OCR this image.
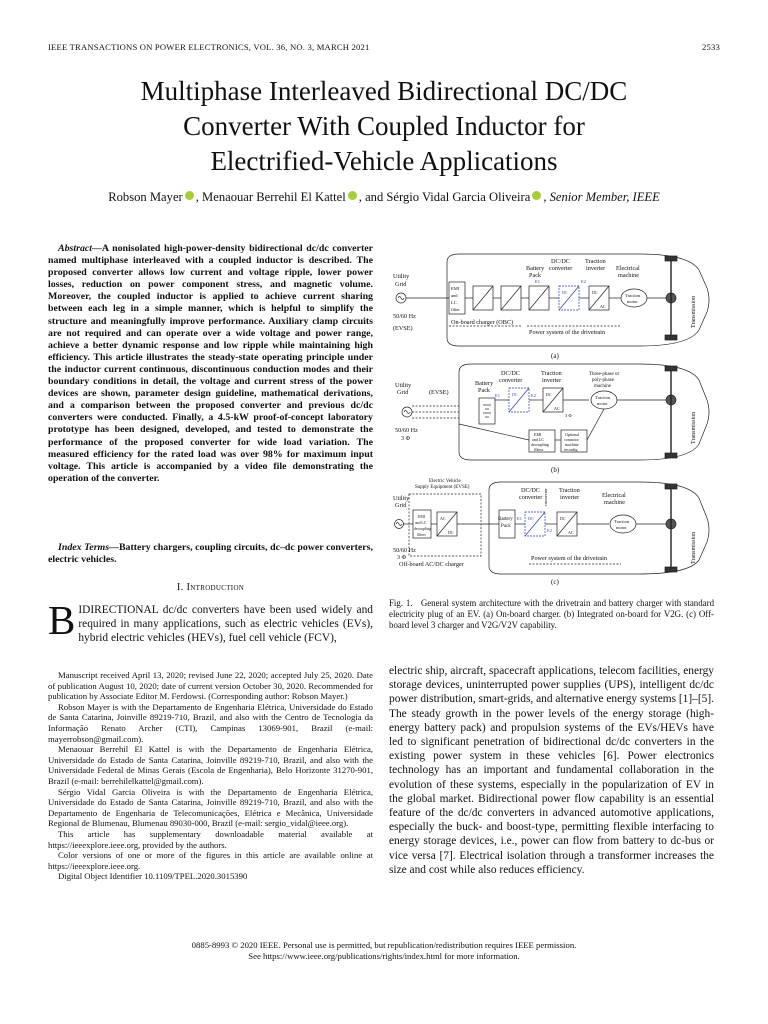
IEEE TRANSACTIONS ON POWER ELECTRONICS, VOL. 36, NO. 3, MARCH 2021	2533
Multiphase Interleaved Bidirectional DC/DC
Converter With Coupled Inductor for
Electrified-Vehicle Applications
Robson Mayer , Menaouar Berrehil El Kattel , and Sérgio Vidal Garcia Oliveira , Senior Member, IEEE

Abstract—A nonisolated high-power-density bidirectional dc/dc converter named multiphase interleaved with a coupled inductor is described. The proposed converter allows low current and voltage ripple, lower power losses, reduction on power component stress, and magnetic volume. Moreover, the coupled inductor is applied to achieve current sharing between each leg in a simple manner, which is helpful to simplify the structure and meaningfully improve performance. Auxiliary clamp circuits are not required and can operate over a wide voltage and power range, achieve a better dynamic response and low ripple while maintaining high efficiency. This article illustrates the steady-state operating principle under the inductor current continuous, discontinuous conduction modes and their boundary conditions in detail, the voltage and current stress of the power devices are shown, parameter design guideline, mathematical derivations, and a comparison between the proposed converter and previous dc/dc converters were conducted. Finally, a 4.5-kW proof-of-concept laboratory prototype has been designed, developed, and tested to demonstrate the performance of the proposed converter for wide load variation. The measured efficiency for the rated load was over 98% for maximum input voltage. This article is accompanied by a video file demonstrating the operation of the converter.

Index Terms—Battery chargers, coupling circuits, dc–dc power converters, electric vehicles.

I. Introduction

BIDIRECTIONAL dc/dc converters have been used widely and required in many applications, such as electric vehicles (EVs), hybrid electric vehicles (HEVs), fuel cell vehicle (FCV),

Manuscript received April 13, 2020; revised June 22, 2020; accepted July 25, 2020. Date of publication August 10, 2020; date of current version October 30, 2020. Recommended for publication by Associate Editor M. Ferdowsi. (Corresponding author: Robson Mayer.)

Robson Mayer is with the Departamento de Engenharia Elétrica, Universidade do Estado de Santa Catarina, Joinville 89219-710, Brazil, and also with the Centro de Tecnologia da Informação Renato Archer (CTI), Campinas 13069-901, Brazil (e-mail: mayerrobson@gmail.com).

Menaouar Berrehil El Kattel is with the Departamento de Engenharia Elétrica, Universidade do Estado de Santa Catarina, Joinville 89219-710, Brazil, and also with the Universidade Federal de Minas Gerais (Escola de Engenharia), Belo Horizonte 31270-901, Brazil (e-mail: berrehilelkattel@gmail.com).

Sérgio Vidal Garcia Oliveira is with the Departamento de Engenharia Elétrica, Universidade do Estado de Santa Catarina, Joinville 89219-710, Brazil, and also with the Departamento de Engenharia de Telecomunicações, Elétrica e Mecânica, Universidade Regional de Blumenau, Blumenau 89030-000, Brazil (e-mail: sergio_vidal@ieee.org).

This article has supplementary downloadable material available at https://ieeexplore.ieee.org, provided by the authors.

Color versions of one or more of the figures in this article are available online at https://ieeexplore.ieee.org.

Digital Object Identifier 10.1109/TPEL.2020.3015390

Utility
Grid
EMI
and
LC
filter
Battery
Pack
DC/DC
converter
Traction
inverter Electrical
machine
Traction
motor
E1	E2
DC	DC
AC
50/60 Hz
(EVSE)
On-board charger (OBC)
Power system of the drivetrain
Transmission
(a)
Utility
Grid	(EVSE)
Battery
Pack
DC/DC
converter
Traction
inverter
Three-phase or
poly-phase
machine
Traction
motor
E1	E2
DC	DC
AC
3 Φ
EMI
and LC
decoupling
filters
Optional
contactor
machine
reconfig.
50/60 Hz
3 Φ	Transmission
(b)
Electric Vehicle
Supply Equipment (EVSE)
Utility
Grid
EMI
and LC
decoupling
filters
Battery
Pack
DC/DC
converter
Traction
inverter	Electrical
machine
Traction
motor
E1
E2
DC	DC
AC
AC
DC
connector
50/60 Hz
3 Φ
Off-board AC/DC charger
Power system of the drivetrain	Transmission
(c)

Fig. 1. General system architecture with the drivetrain and battery charger with standard electricity plug of an EV. (a) On-board charger. (b) Integrated on-board for V2G. (c) Off-board level 3 charger and V2G/V2V capability.

electric ship, aircraft, spacecraft applications, telecom facilities, energy storage devices, uninterrupted power supplies (UPS), intelligent dc/dc power distribution, smart-grids, and alternative energy systems [1]–[5]. The steady growth in the power levels of the energy storage (high-energy battery pack) and propulsion systems of the EVs/HEVs have led to significant penetration of bidirectional dc/dc converters in the existing power system in these vehicles [6]. Power electronics technology has an important and fundamental collaboration in the evolution of these systems, especially in the popularization of EV in the global market. Bidirectional power flow capability is an essential feature of the dc/dc converters in advanced automotive applications, especially the buck- and boost-type, permitting flexible interfacing to energy storage devices, i.e., power can flow from battery to dc-bus or vice versa [7]. Electrical isolation through a transformer increases the size and cost while also reduces efficiency.

0885-8993 © 2020 IEEE. Personal use is permitted, but republication/redistribution requires IEEE permission.
See https://www.ieee.org/publications/rights/index.html for more information.
